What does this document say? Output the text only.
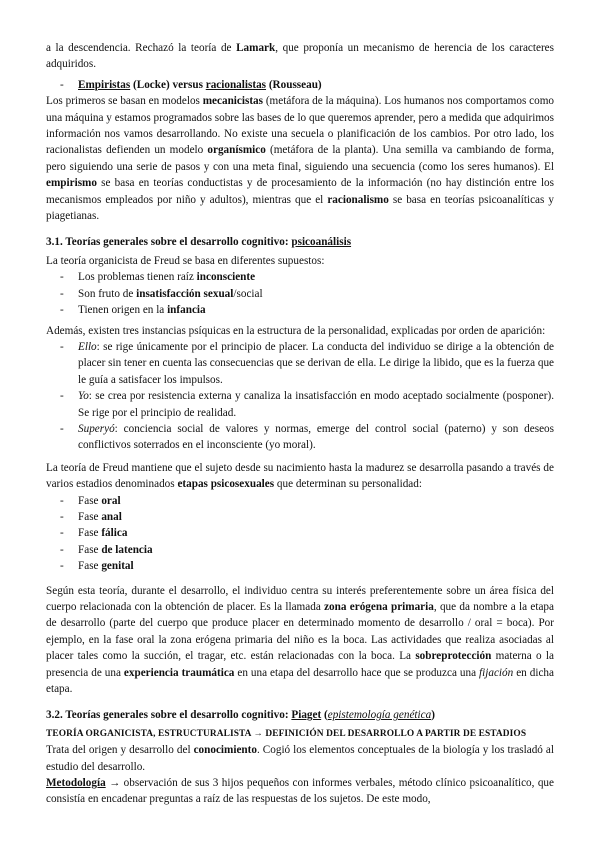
a la descendencia. Rechazó la teoría de Lamark, que proponía un mecanismo de herencia de los caracteres adquiridos.

- Empiristas (Locke) versus racionalistas (Rousseau)

Los primeros se basan en modelos mecanicistas (metáfora de la máquina). Los humanos nos comportamos como una máquina y estamos programados sobre las bases de lo que queremos aprender, pero a medida que adquirimos información nos vamos desarrollando. No existe una secuela o planificación de los cambios. Por otro lado, los racionalistas defienden un modelo organísmico (metáfora de la planta). Una semilla va cambiando de forma, pero siguiendo una serie de pasos y con una meta final, siguiendo una secuencia (como los seres humanos). El empirismo se basa en teorías conductistas y de procesamiento de la información (no hay distinción entre los mecanismos empleados por niño y adultos), mientras que el racionalismo se basa en teorías psicoanalíticas y piagetianas.

3.1. Teorías generales sobre el desarrollo cognitivo: psicoanálisis

La teoría organicista de Freud se basa en diferentes supuestos:

- Los problemas tienen raíz inconsciente
- Son fruto de insatisfacción sexual/social
- Tienen origen en la infancia

Además, existen tres instancias psíquicas en la estructura de la personalidad, explicadas por orden de aparición:

- Ello: se rige únicamente por el principio de placer. La conducta del individuo se dirige a la obtención de placer sin tener en cuenta las consecuencias que se derivan de ella. Le dirige la libido, que es la fuerza que le guía a satisfacer los impulsos.
- Yo: se crea por resistencia externa y canaliza la insatisfacción en modo aceptado socialmente (posponer). Se rige por el principio de realidad.
- Superyó: conciencia social de valores y normas, emerge del control social (paterno) y son deseos conflictivos soterrados en el inconsciente (yo moral).

La teoría de Freud mantiene que el sujeto desde su nacimiento hasta la madurez se desarrolla pasando a través de varios estadios denominados etapas psicosexuales que determinan su personalidad:

- Fase oral
- Fase anal
- Fase fálica
- Fase de latencia
- Fase genital

Según esta teoría, durante el desarrollo, el individuo centra su interés preferentemente sobre un área física del cuerpo relacionada con la obtención de placer. Es la llamada zona erógena primaria, que da nombre a la etapa de desarrollo (parte del cuerpo que produce placer en determinado momento de desarrollo / oral = boca). Por ejemplo, en la fase oral la zona erógena primaria del niño es la boca. Las actividades que realiza asociadas al placer tales como la succión, el tragar, etc. están relacionadas con la boca. La sobreprotección materna o la presencia de una experiencia traumática en una etapa del desarrollo hace que se produzca una fijación en dicha etapa.

3.2. Teorías generales sobre el desarrollo cognitivo: Piaget (epistemología genética)

TEORÍA ORGANICISTA, ESTRUCTURALISTA → DEFINICIÓN DEL DESARROLLO A PARTIR DE ESTADIOS

Trata del origen y desarrollo del conocimiento. Cogió los elementos conceptuales de la biología y los trasladó al estudio del desarrollo.

Metodología → observación de sus 3 hijos pequeños con informes verbales, método clínico psicoanalítico, que consistía en encadenar preguntas a raíz de las respuestas de los sujetos. De este modo,
